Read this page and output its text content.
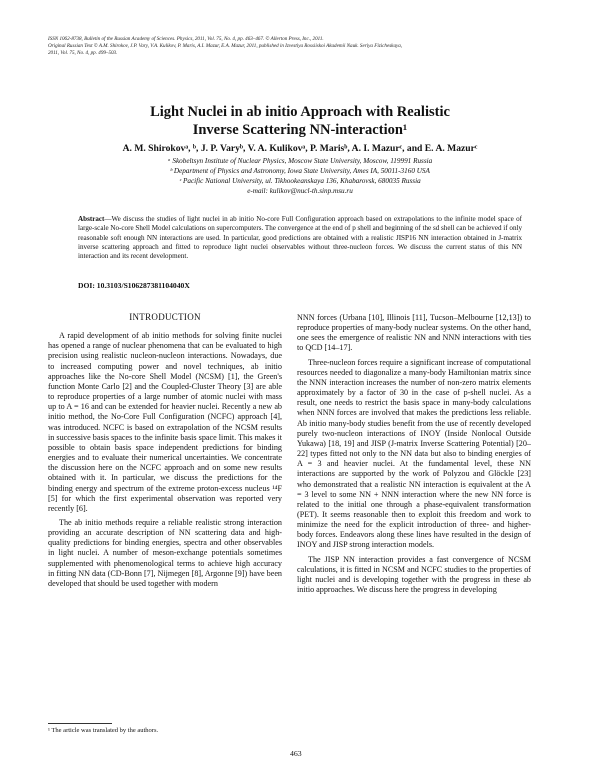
ISSN 1062-8738, Bulletin of the Russian Academy of Sciences. Physics, 2011, Vol. 75, No. 4, pp. 463–467. © Allerton Press, Inc., 2011.
Original Russian Text © A.M. Shirokov, J.P. Vary, V.A. Kulikov, P. Maris, A.I. Mazur, E.A. Mazur, 2011, published in Izvestiya Rossiiskoi Akademii Nauk. Seriya Fizicheskaya,
2011, Vol. 75, No. 4, pp. 499–503.
Light Nuclei in ab initio Approach with Realistic
Inverse Scattering NN-interaction¹
A. M. Shirokovᵃ, ᵇ, J. P. Varyᵇ, V. A. Kulikovᵃ, P. Marisᵇ, A. I. Mazurᶜ, and E. A. Mazurᶜ
ᵃ Skobeltsyn Institute of Nuclear Physics, Moscow State University, Moscow, 119991 Russia
ᵇ Department of Physics and Astronomy, Iowa State University, Ames IA, 50011-3160 USA
ᶜ Pacific National University, ul. Tikhookeanskaya 136, Khabarovsk, 680035 Russia
e-mail: kulikov@nucl-th.sinp.msu.ru
Abstract—We discuss the studies of light nuclei in ab initio No-core Full Configuration approach based on extrapolations to the infinite model space of large-scale No-core Shell Model calculations on supercomputers. The convergence at the end of p shell and beginning of the sd shell can be achieved if only reasonable soft enough NN interactions are used. In particular, good predictions are obtained with a realistic JISP16 NN interaction obtained in J-matrix inverse scattering approach and fitted to reproduce light nuclei observables without three-nucleon forces. We discuss the current status of this NN interaction and its recent development.
DOI: 10.3103/S106287381104040X
INTRODUCTION

A rapid development of ab initio methods for solving finite nuclei has opened a range of nuclear phenomena that can be evaluated to high precision using realistic nucleon-nucleon interactions. Nowadays, due to increased computing power and novel techniques, ab initio approaches like the No-core Shell Model (NCSM) [1], the Green's function Monte Carlo [2] and the Coupled-Cluster Theory [3] are able to reproduce properties of a large number of atomic nuclei with mass up to A = 16 and can be extended for heavier nuclei. Recently a new ab initio method, the No-Core Full Configuration (NCFC) approach [4], was introduced. NCFC is based on extrapolation of the NCSM results in successive basis spaces to the infinite basis space limit. This makes it possible to obtain basis space independent predictions for binding energies and to evaluate their numerical uncertainties. We concentrate the discussion here on the NCFC approach and on some new results obtained with it. In particular, we discuss the predictions for the binding energy and spectrum of the extreme proton-excess nucleus ¹⁴F [5] for which the first experimental observation was reported very recently [6].

The ab initio methods require a reliable realistic strong interaction providing an accurate description of NN scattering data and high-quality predictions for binding energies, spectra and other observables in light nuclei. A number of meson-exchange potentials sometimes supplemented with phenomenological terms to achieve high accuracy in fitting NN data (CD-Bonn [7], Nijmegen [8], Argonne [9]) have been developed that should be used together with modern

NNN forces (Urbana [10], Illinois [11], Tucson–Melbourne [12,13]) to reproduce properties of many-body nuclear systems. On the other hand, one sees the emergence of realistic NN and NNN interactions with ties to QCD [14–17].

Three-nucleon forces require a significant increase of computational resources needed to diagonalize a many-body Hamiltonian matrix since the NNN interaction increases the number of non-zero matrix elements approximately by a factor of 30 in the case of p-shell nuclei. As a result, one needs to restrict the basis space in many-body calculations when NNN forces are involved that makes the predictions less reliable. Ab initio many-body studies benefit from the use of recently developed purely two-nucleon interactions of INOY (Inside Nonlocal Outside Yukawa) [18, 19] and JISP (J-matrix Inverse Scattering Potential) [20–22] types fitted not only to the NN data but also to binding energies of A = 3 and heavier nuclei. At the fundamental level, these NN interactions are supported by the work of Polyzou and Glöckle [23] who demonstrated that a realistic NN interaction is equivalent at the A = 3 level to some NN + NNN interaction where the new NN force is related to the initial one through a phase-equivalent transformation (PET). It seems reasonable then to exploit this freedom and work to minimize the need for the explicit introduction of three- and higher-body forces. Endeavors along these lines have resulted in the design of INOY and JISP strong interaction models.

The JISP NN interaction provides a fast convergence of NCSM calculations, it is fitted in NCSM and NCFC studies to the properties of light nuclei and is developing together with the progress in these ab initio approaches. We discuss here the progress in developing

¹ The article was translated by the authors.
463
